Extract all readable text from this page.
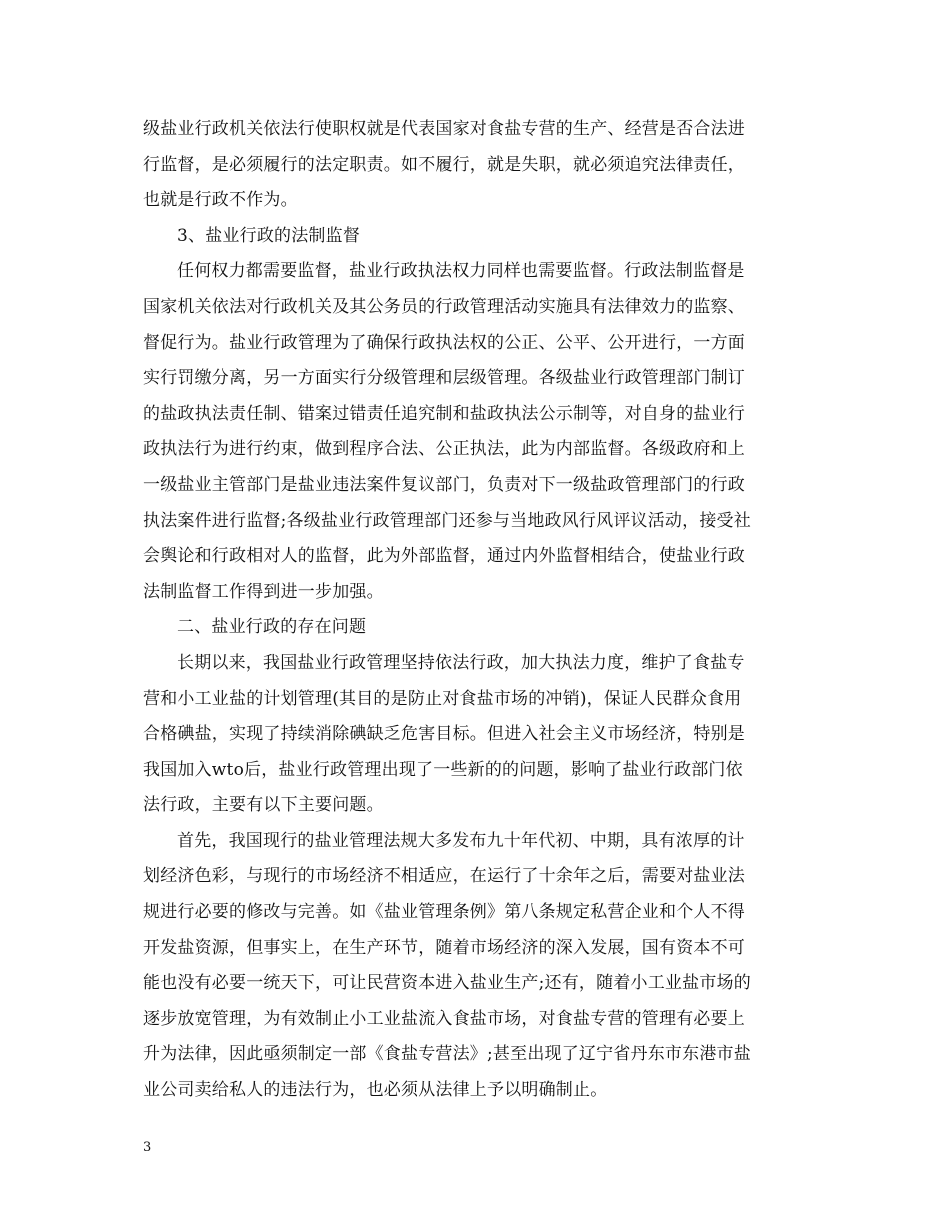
级盐业行政机关依法行使职权就是代表国家对食盐专营的生产、经营是否合法进
行监督，是必须履行的法定职责。如不履行，就是失职，就必须追究法律责任，
也就是行政不作为。
3、盐业行政的法制监督
任何权力都需要监督，盐业行政执法权力同样也需要监督。行政法制监督是
国家机关依法对行政机关及其公务员的行政管理活动实施具有法律效力的监察、
督促行为。盐业行政管理为了确保行政执法权的公正、公平、公开进行，一方面
实行罚缴分离，另一方面实行分级管理和层级管理。各级盐业行政管理部门制订
的盐政执法责任制、错案过错责任追究制和盐政执法公示制等，对自身的盐业行
政执法行为进行约束，做到程序合法、公正执法，此为内部监督。各级政府和上
一级盐业主管部门是盐业违法案件复议部门，负责对下一级盐政管理部门的行政
执法案件进行监督;各级盐业行政管理部门还参与当地政风行风评议活动，接受社
会舆论和行政相对人的监督，此为外部监督，通过内外监督相结合，使盐业行政
法制监督工作得到进一步加强。
二、盐业行政的存在问题
长期以来，我国盐业行政管理坚持依法行政，加大执法力度，维护了食盐专
营和小工业盐的计划管理(其目的是防止对食盐市场的冲销)，保证人民群众食用
合格碘盐，实现了持续消除碘缺乏危害目标。但进入社会主义市场经济，特别是
我国加入wto后，盐业行政管理出现了一些新的的问题，影响了盐业行政部门依
法行政，主要有以下主要问题。
首先，我国现行的盐业管理法规大多发布九十年代初、中期，具有浓厚的计
划经济色彩，与现行的市场经济不相适应，在运行了十余年之后，需要对盐业法
规进行必要的修改与完善。如《盐业管理条例》第八条规定私营企业和个人不得
开发盐资源，但事实上，在生产环节，随着市场经济的深入发展，国有资本不可
能也没有必要一统天下，可让民营资本进入盐业生产;还有，随着小工业盐市场的
逐步放宽管理，为有效制止小工业盐流入食盐市场，对食盐专营的管理有必要上
升为法律，因此亟须制定一部《食盐专营法》;甚至出现了辽宁省丹东市东港市盐
业公司卖给私人的违法行为，也必须从法律上予以明确制止。
3
